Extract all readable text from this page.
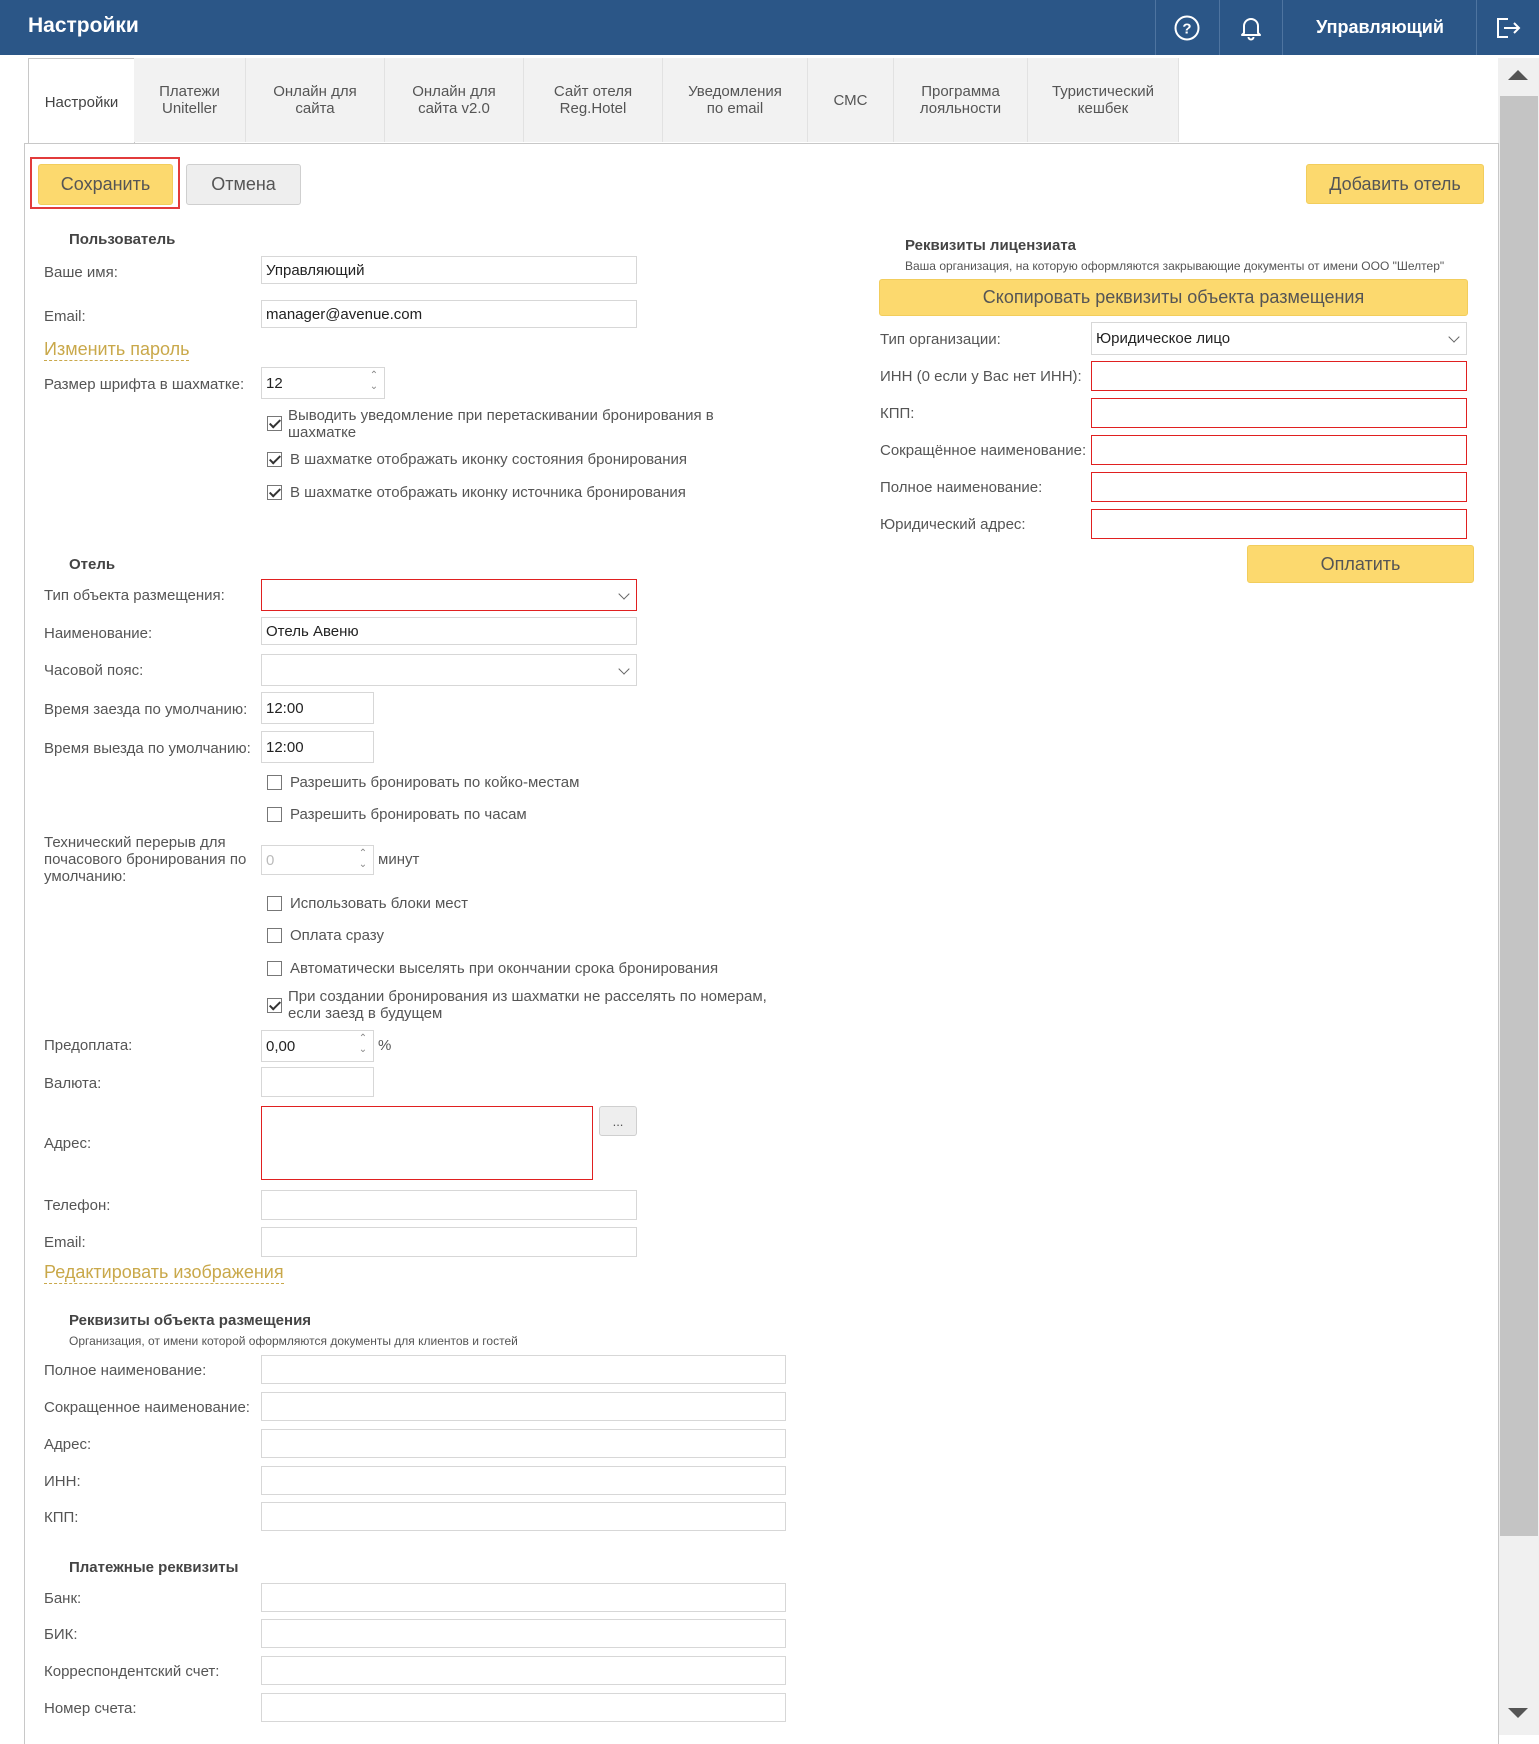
Настройки	?	Управляющий
Настройки
Платежи Uniteller
Онлайн для сайта
Онлайн для сайта v2.0
Сайт отеля Reg.Hotel
Уведомления по email	СМС	Программа лояльности
Туристический кешбек
Сохранить	Отмена	Добавить отель
Пользователь
Ваше имя:	Управляющий
Email:	manager@avenue.com
Изменить пароль
Размер шрифта в шахматке: 12	⌃
⌄
Выводить уведомление при перетаскивании бронирования в шахматке
В шахматке отображать иконку состояния бронирования
В шахматке отображать иконку источника бронирования
Отель
Тип объекта размещения:
Наименование:	Отель Авеню
Часовой пояс:
Время заезда по умолчанию:	12:00
Время выезда по умолчанию:	12:00
Разрешить бронировать по койко-местам
Разрешить бронировать по часам
Технический перерыв для почасового бронирования по умолчанию:
0	⌃
⌄ минут
Использовать блоки мест
Оплата сразу
Автоматически выселять при окончании срока бронирования
При создании бронирования из шахматки не расселять по номерам, если заезд в будущем
Предоплата:	0,00	⌃
⌄ %
Валюта:
Адрес:
...
Телефон:
Email:
Редактировать изображения
Реквизиты объекта размещения
Организация, от имени которой оформляются документы для клиентов и гостей
Полное наименование:
Сокращенное наименование:
Адрес:
ИНН:
КПП:
Платежные реквизиты
Банк:
БИК:
Корреспондентский счет:
Номер счета:
Реквизиты лицензиата
Ваша организация, на которую оформляются закрывающие документы от имени ООО "Шелтер"
Скопировать реквизиты объекта размещения
Тип организации:	Юридическое лицо
ИНН (0 если у Вас нет ИНН):
КПП:
Сокращённое наименование:
Полное наименование:
Юридический адрес:
Оплатить
